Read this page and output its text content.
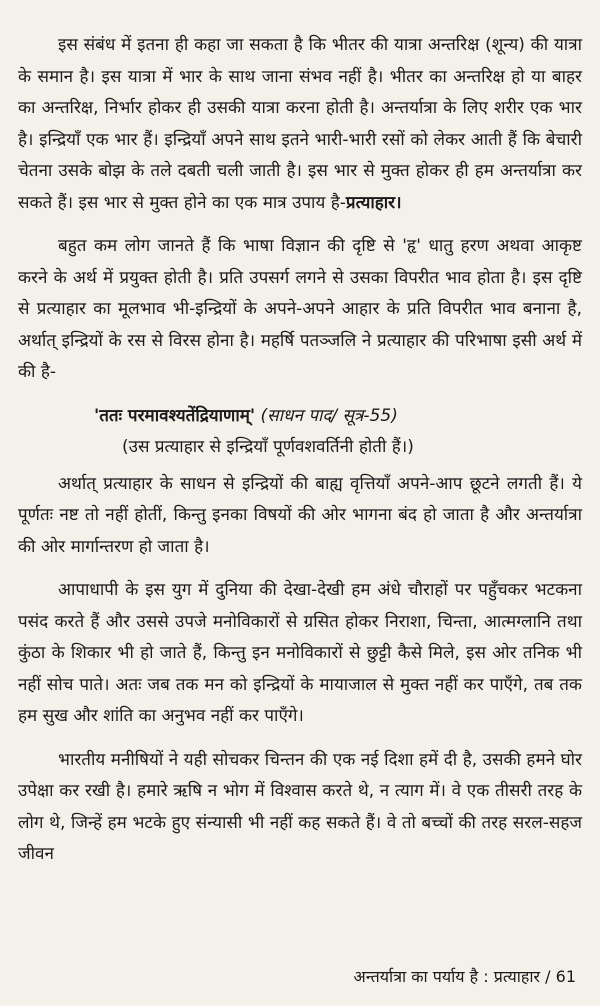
इस संबंध में इतना ही कहा जा सकता है कि भीतर की यात्रा अन्तरिक्ष (शून्य) की यात्रा के समान है। इस यात्रा में भार के साथ जाना संभव नहीं है। भीतर का अन्तरिक्ष हो या बाहर का अन्तरिक्ष, निर्भार होकर ही उसकी यात्रा करना होती है। अन्तर्यात्रा के लिए शरीर एक भार है। इन्द्रियाँ एक भार हैं। इन्द्रियाँ अपने साथ इतने भारी-भारी रसों को लेकर आती हैं कि बेचारी चेतना उसके बोझ के तले दबती चली जाती है। इस भार से मुक्त होकर ही हम अन्तर्यात्रा कर सकते हैं। इस भार से मुक्त होने का एक मात्र उपाय है-प्रत्याहार।

बहुत कम लोग जानते हैं कि भाषा विज्ञान की दृष्टि से 'हृ' धातु हरण अथवा आकृष्ट करने के अर्थ में प्रयुक्त होती है। प्रति उपसर्ग लगने से उसका विपरीत भाव होता है। इस दृष्टि से प्रत्याहार का मूलभाव भी-इन्द्रियों के अपने-अपने आहार के प्रति विपरीत भाव बनाना है, अर्थात् इन्द्रियों के रस से विरस होना है। महर्षि पतञ्जलि ने प्रत्याहार की परिभाषा इसी अर्थ में की है-

'ततः परमावश्यतेंद्रियाणाम्' (साधन पाद/ सूत्र-55)

(उस प्रत्याहार से इन्द्रियाँ पूर्णवशवर्तिनी होती हैं।)

अर्थात् प्रत्याहार के साधन से इन्द्रियों की बाह्य वृत्तियाँ अपने-आप छूटने लगती हैं। ये पूर्णतः नष्ट तो नहीं होतीं, किन्तु इनका विषयों की ओर भागना बंद हो जाता है और अन्तर्यात्रा की ओर मार्गान्तरण हो जाता है।

आपाधापी के इस युग में दुनिया की देखा-देखी हम अंधे चौराहों पर पहुँचकर भटकना पसंद करते हैं और उससे उपजे मनोविकारों से ग्रसित होकर निराशा, चिन्ता, आत्मग्लानि तथा कुंठा के शिकार भी हो जाते हैं, किन्तु इन मनोविकारों से छुट्टी कैसे मिले, इस ओर तनिक भी नहीं सोच पाते। अतः जब तक मन को इन्द्रियों के मायाजाल से मुक्त नहीं कर पाएँगे, तब तक हम सुख और शांति का अनुभव नहीं कर पाएँगे।

भारतीय मनीषियों ने यही सोचकर चिन्तन की एक नई दिशा हमें दी है, उसकी हमने घोर उपेक्षा कर रखी है। हमारे ऋषि न भोग में विश्वास करते थे, न त्याग में। वे एक तीसरी तरह के लोग थे, जिन्हें हम भटके हुए संन्यासी भी नहीं कह सकते हैं। वे तो बच्चों की तरह सरल-सहज जीवन

अन्तर्यात्रा का पर्याय है : प्रत्याहार / 61
